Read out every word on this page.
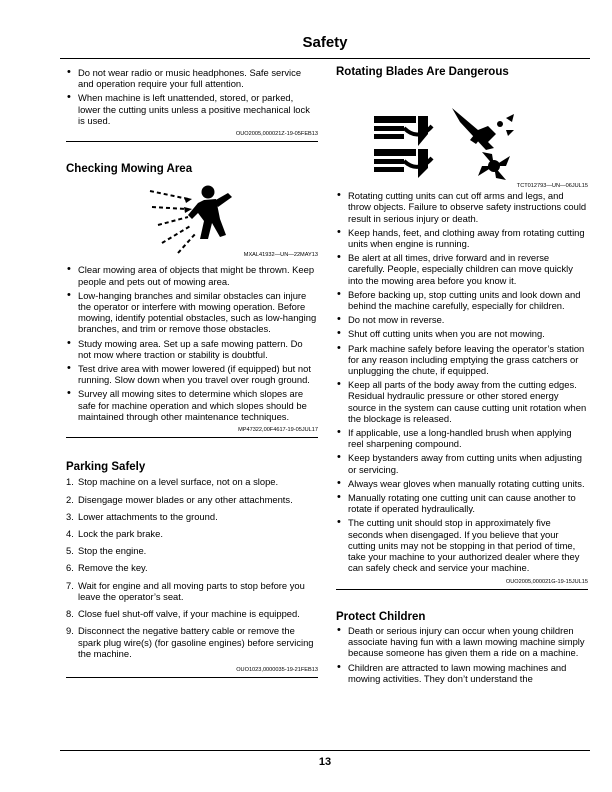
Safety
• Do not wear radio or music headphones. Safe service and operation require your full attention.
• When machine is left unattended, stored, or parked, lower the cutting units unless a positive mechanical lock is used.
OUO2005,000021Z-19-05FEB13
Checking Mowing Area
MXAL41932—UN—22MAY13
• Clear mowing area of objects that might be thrown. Keep people and pets out of mowing area.
• Low-hanging branches and similar obstacles can injure the operator or interfere with mowing operation. Before mowing, identify potential obstacles, such as low-hanging branches, and trim or remove those obstacles.
• Study mowing area. Set up a safe mowing pattern. Do not mow where traction or stability is doubtful.
• Test drive area with mower lowered (if equipped) but not running. Slow down when you travel over rough ground.
• Survey all mowing sites to determine which slopes are safe for machine operation and which slopes should be maintained through other maintenance techniques.
MP47322,00F4617-19-05JUL17
Parking Safely
1. Stop machine on a level surface, not on a slope.
2. Disengage mower blades or any other attachments.
3. Lower attachments to the ground.
4. Lock the park brake.
5. Stop the engine.
6. Remove the key.
7. Wait for engine and all moving parts to stop before you leave the operator’s seat.
8. Close fuel shut-off valve, if your machine is equipped.
9. Disconnect the negative battery cable or remove the spark plug wire(s) (for gasoline engines) before servicing the machine.
OUO1023,0000035-19-21FEB13
Rotating Blades Are Dangerous
TCT012793—UN—06JUL15
• Rotating cutting units can cut off arms and legs, and throw objects. Failure to observe safety instructions could result in serious injury or death.
• Keep hands, feet, and clothing away from rotating cutting units when engine is running.
• Be alert at all times, drive forward and in reverse carefully. People, especially children can move quickly into the mowing area before you know it.
• Before backing up, stop cutting units and look down and behind the machine carefully, especially for children.
• Do not mow in reverse.
• Shut off cutting units when you are not mowing.
• Park machine safely before leaving the operator’s station for any reason including emptying the grass catchers or unplugging the chute, if equipped.
• Keep all parts of the body away from the cutting edges. Residual hydraulic pressure or other stored energy source in the system can cause cutting unit rotation when the blockage is released.
• If applicable, use a long-handled brush when applying reel sharpening compound.
• Keep bystanders away from cutting units when adjusting or servicing.
• Always wear gloves when manually rotating cutting units.
• Manually rotating one cutting unit can cause another to rotate if operated hydraulically.
• The cutting unit should stop in approximately five seconds when disengaged. If you believe that your cutting units may not be stopping in that period of time, take your machine to your authorized dealer where they can safely check and service your machine.
OUO2005,000021G-19-15JUL15
Protect Children
• Death or serious injury can occur when young children associate having fun with a lawn mowing machine simply because someone has given them a ride on a machine.
• Children are attracted to lawn mowing machines and mowing activities. They don’t understand the
13
